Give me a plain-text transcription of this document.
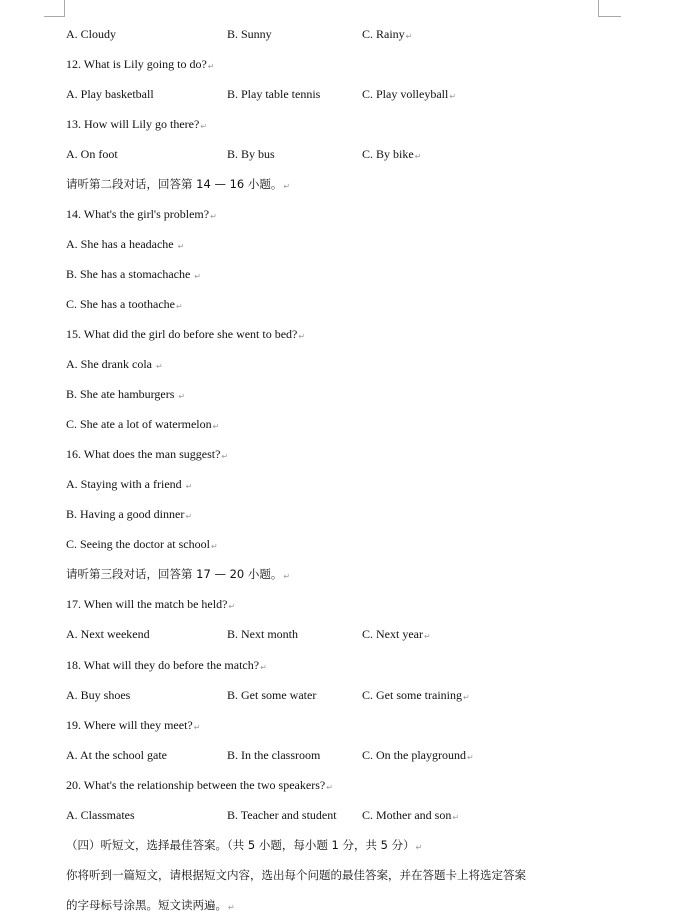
A. Cloudy	B. Sunny	C. Rainy↵
12. What is Lily going to do?↵
A. Play basketball	B. Play table tennis	C. Play volleyball↵
13. How will Lily go there?↵
A. On foot	B. By bus	C. By bike↵
请听第二段对话，回答第 14 — 16 小题。↵
14. What's the girl's problem?↵
A. She has a headache ↵
B. She has a stomachache ↵
C. She has a toothache↵
15. What did the girl do before she went to bed?↵
A. She drank cola ↵
B. She ate hamburgers ↵
C. She ate a lot of watermelon↵
16. What does the man suggest?↵
A. Staying with a friend ↵
B. Having a good dinner↵
C. Seeing the doctor at school↵
请听第三段对话，回答第 17 — 20 小题。↵
17. When will the match be held?↵
A. Next weekend	B. Next month	C. Next year↵
18. What will they do before the match?↵
A. Buy shoes	B. Get some water	C. Get some training↵
19. Where will they meet?↵
A. At the school gate	B. In the classroom	C. On the playground↵
20. What's the relationship between the two speakers?↵
A. Classmates	B. Teacher and student C. Mother and son↵
（四）听短文，选择最佳答案。（共 5 小题，每小题 1 分，共 5 分）↵
你将听到一篇短文，请根据短文内容，选出每个问题的最佳答案，并在答题卡上将选定答案
的字母标号涂黑。短文读两遍。↵
